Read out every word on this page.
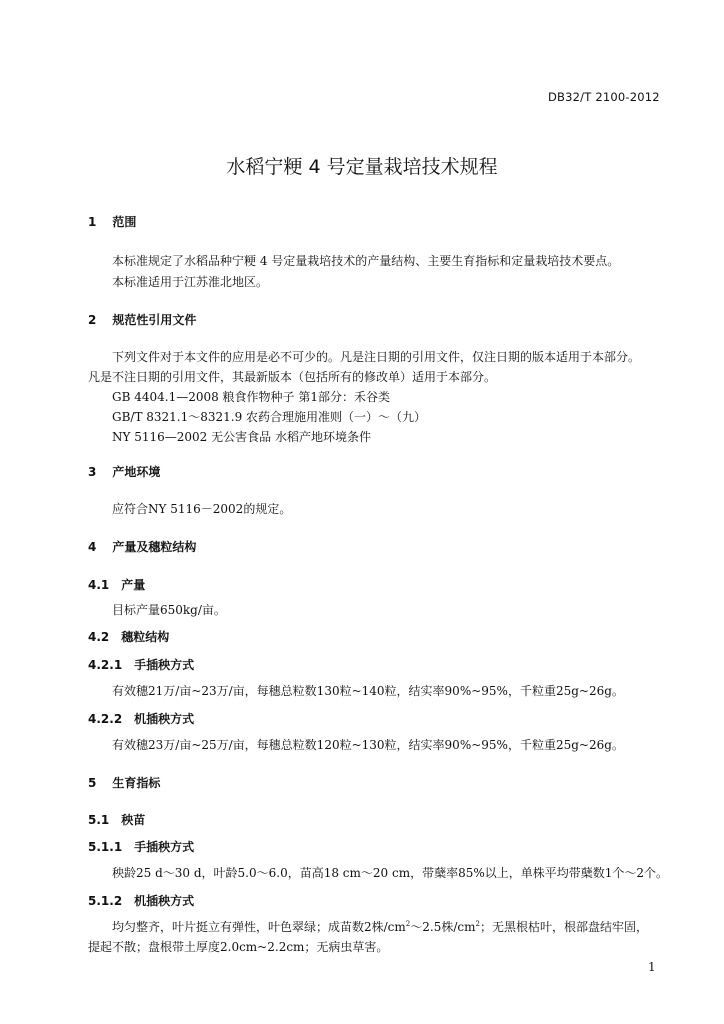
DB32/T 2100-2012
水稻宁粳 4 号定量栽培技术规程
1 范围
本标准规定了水稻品种宁粳 4 号定量栽培技术的产量结构、主要生育指标和定量栽培技术要点。
本标准适用于江苏淮北地区。
2 规范性引用文件
下列文件对于本文件的应用是必不可少的。凡是注日期的引用文件，仅注日期的版本适用于本部分。
凡是不注日期的引用文件，其最新版本（包括所有的修改单）适用于本部分。
GB 4404.1—2008 粮食作物种子 第1部分：禾谷类
GB/T 8321.1～8321.9 农药合理施用准则（一）～（九）
NY 5116—2002 无公害食品 水稻产地环境条件
3 产地环境
应符合NY 5116－2002的规定。
4 产量及穗粒结构
4.1 产量
目标产量650kg/亩。
4.2 穗粒结构
4.2.1 手插秧方式
有效穗21万/亩~23万/亩，每穗总粒数130粒~140粒，结实率90%~95%，千粒重25g~26g。
4.2.2 机插秧方式
有效穗23万/亩~25万/亩，每穗总粒数120粒~130粒，结实率90%~95%，千粒重25g~26g。
5 生育指标
5.1 秧苗
5.1.1 手插秧方式
秧龄25 d～30 d，叶龄5.0～6.0，苗高18 cm～20 cm，带蘖率85%以上，单株平均带蘖数1个～2个。
5.1.2 机插秧方式
均匀整齐，叶片挺立有弹性，叶色翠绿；成苗数2株$/cm^2\sim 2.5$株$/cm^2$；无黑根枯叶，根部盘结牢固，
提起不散；盘根带土厚度2.0cm~2.2cm；无病虫草害。
1
